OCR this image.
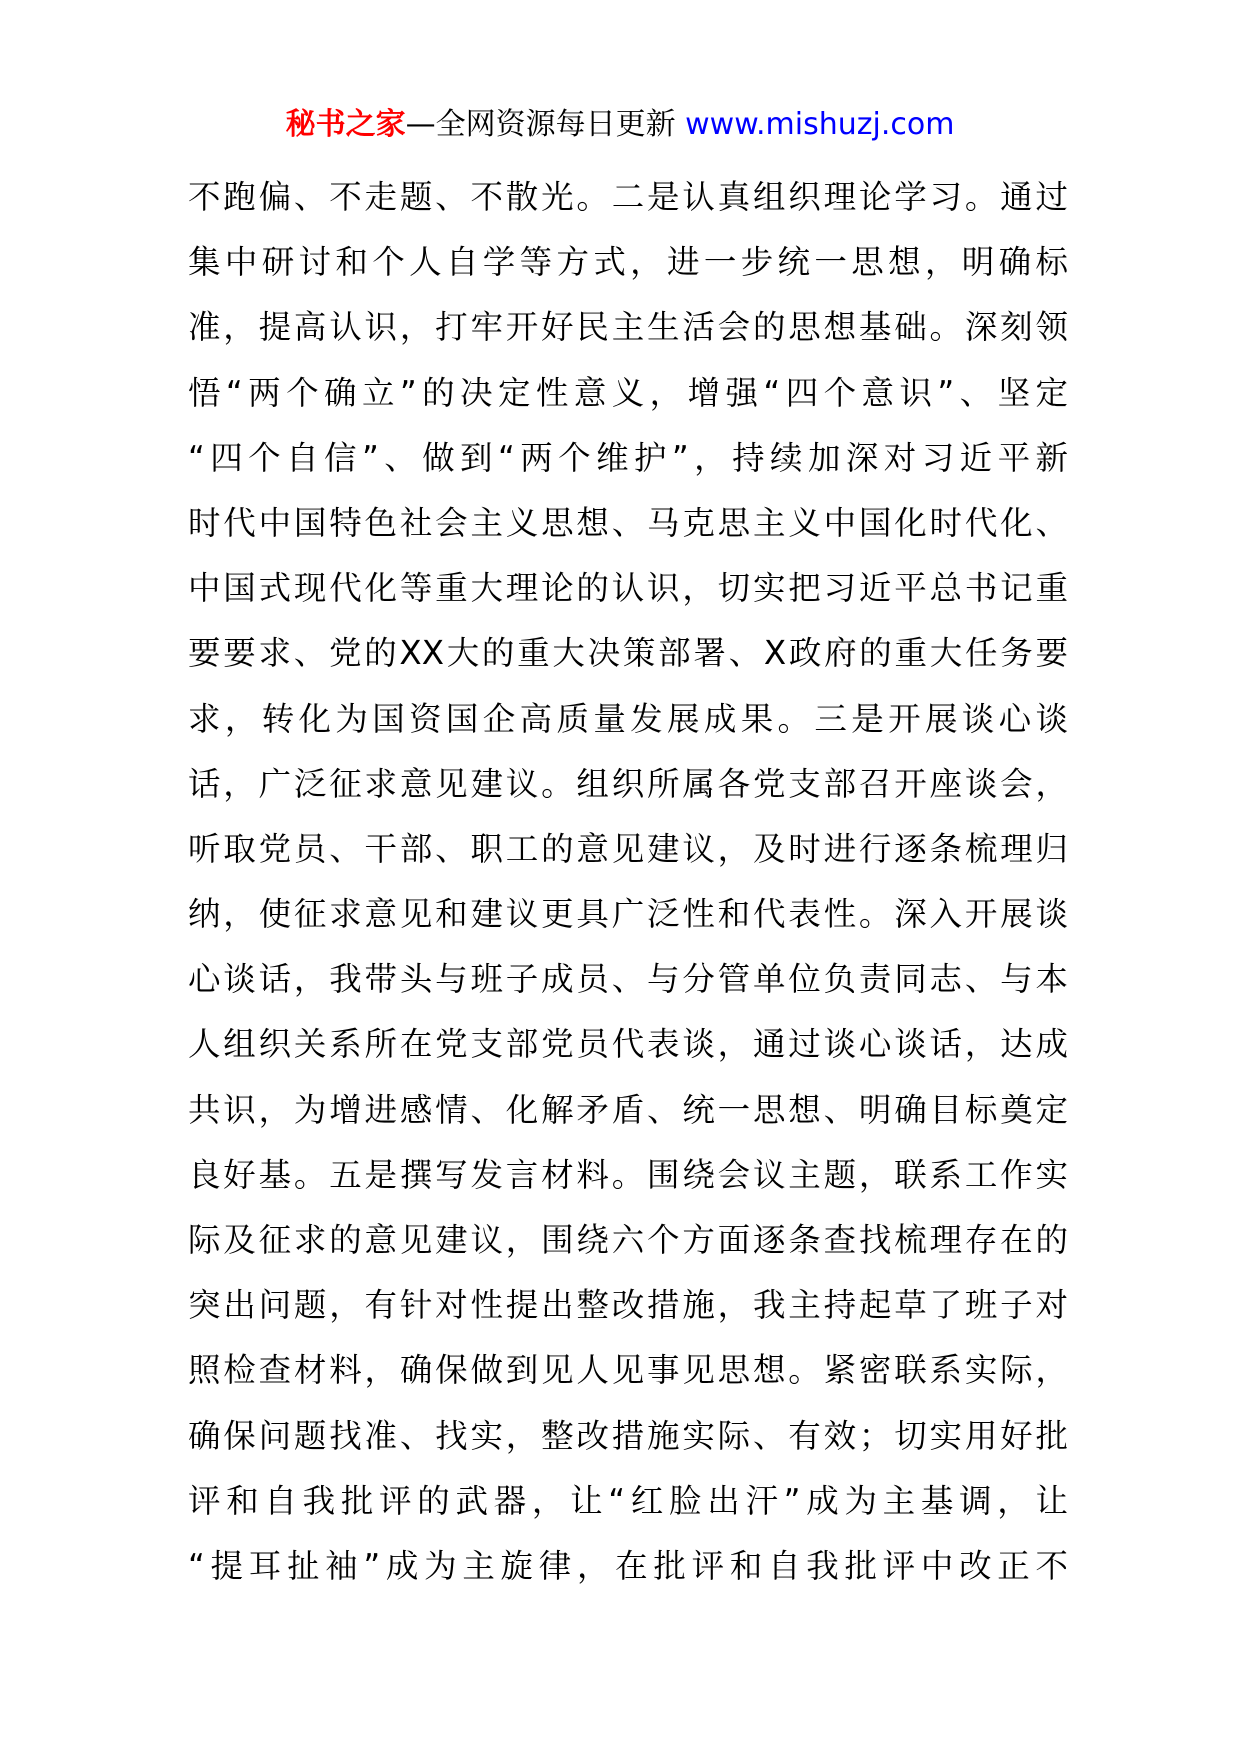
秘书之家—全网资源每日更新 www.mishuzj.com
不跑偏、不走题、不散光。二是认真组织理论学习。通过
集中研讨和个人自学等方式，进一步统一思想，明确标
准，提高认识，打牢开好民主生活会的思想基础。深刻领
悟“两个确立”的决定性意义，增强“四个意识”、坚定
“四个自信”、做到“两个维护”，持续加深对习近平新
时代中国特色社会主义思想、马克思主义中国化时代化、
中国式现代化等重大理论的认识，切实把习近平总书记重
要要求、党的XX大的重大决策部署、X政府的重大任务要
求，转化为国资国企高质量发展成果。三是开展谈心谈
话，广泛征求意见建议。组织所属各党支部召开座谈会，
听取党员、干部、职工的意见建议，及时进行逐条梳理归
纳，使征求意见和建议更具广泛性和代表性。深入开展谈
心谈话，我带头与班子成员、与分管单位负责同志、与本
人组织关系所在党支部党员代表谈，通过谈心谈话，达成
共识，为增进感情、化解矛盾、统一思想、明确目标奠定
良好基。五是撰写发言材料。围绕会议主题，联系工作实
际及征求的意见建议，围绕六个方面逐条查找梳理存在的
突出问题，有针对性提出整改措施，我主持起草了班子对
照检查材料，确保做到见人见事见思想。紧密联系实际，
确保问题找准、找实，整改措施实际、有效；切实用好批
评和自我批评的武器，让“红脸出汗”成为主基调，让
“提耳扯袖”成为主旋律，在批评和自我批评中改正不
